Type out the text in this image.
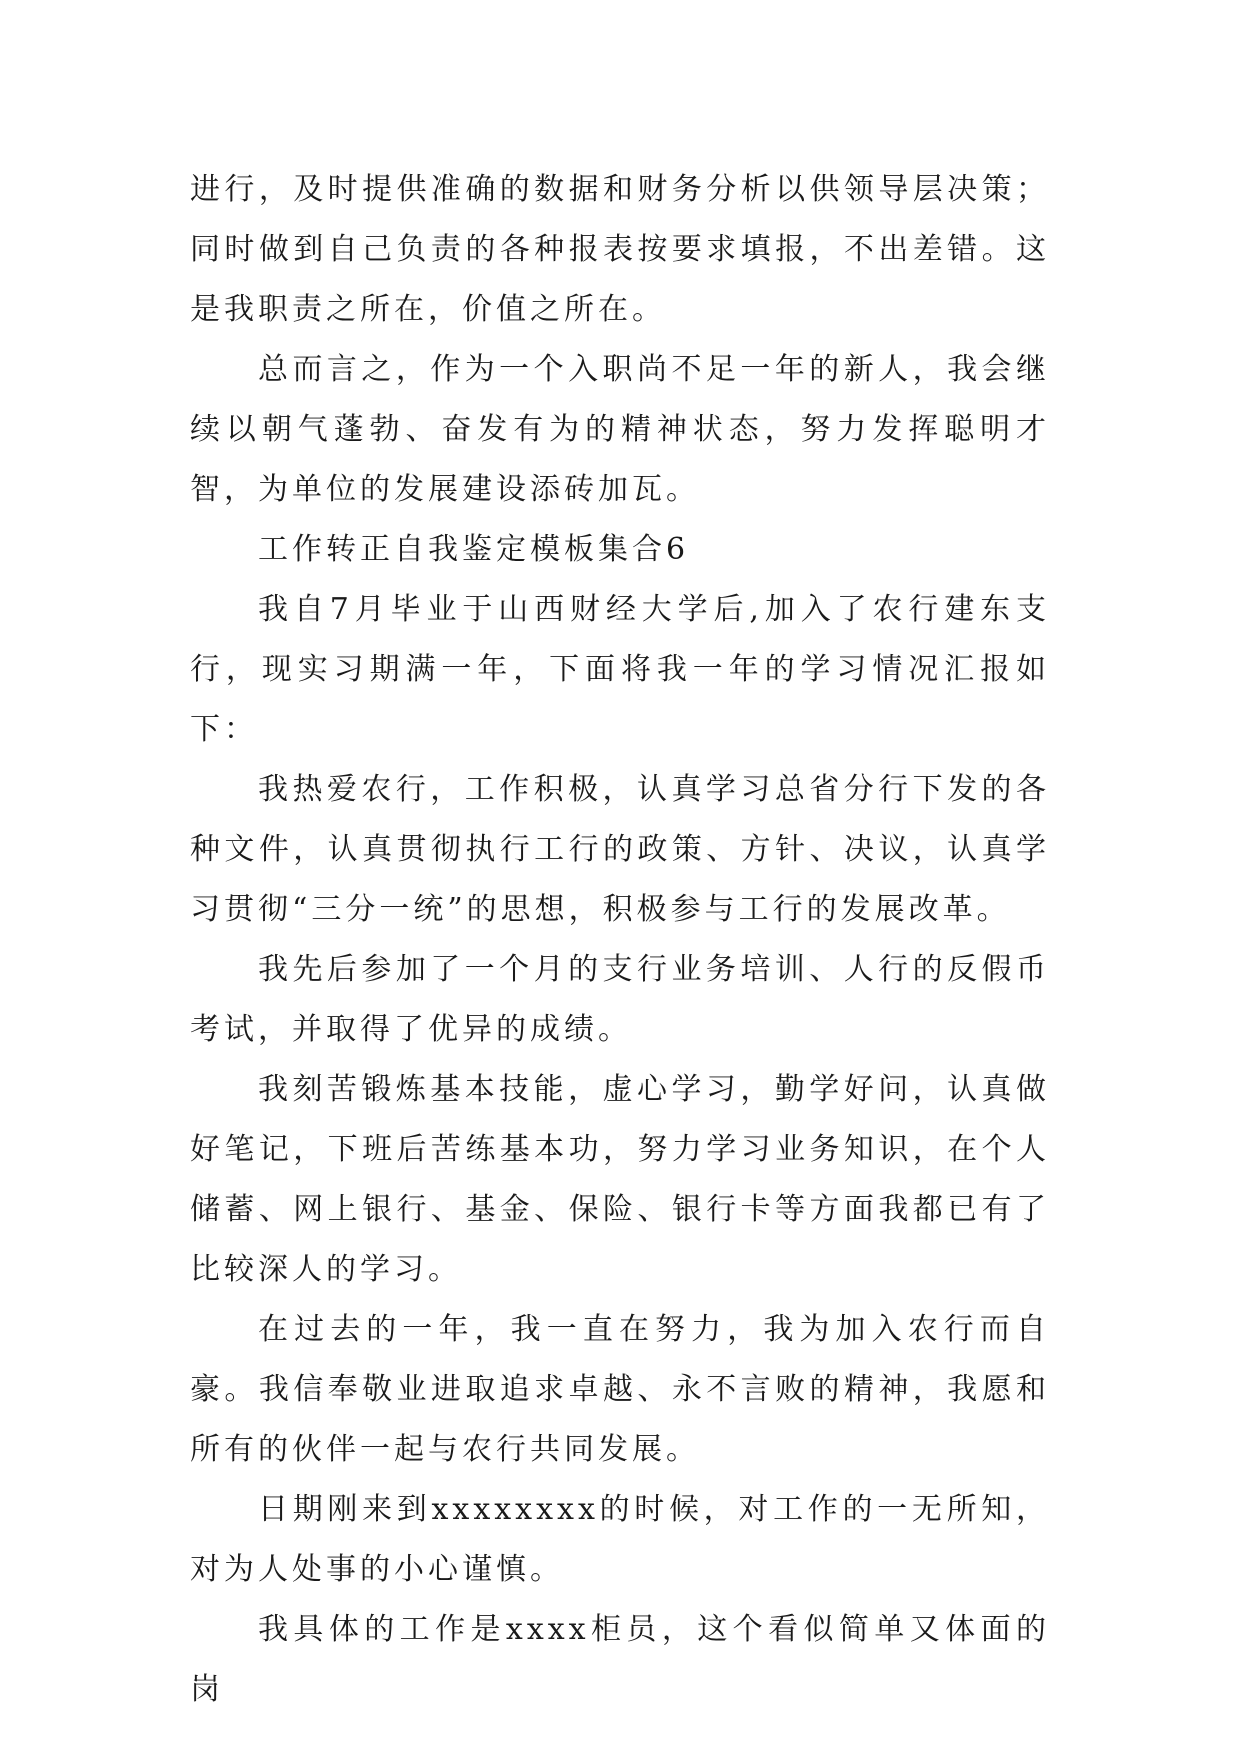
进行，及时提供准确的数据和财务分析以供领导层决策；同时做到自己负责的各种报表按要求填报，不出差错。这是我职责之所在，价值之所在。

总而言之，作为一个入职尚不足一年的新人，我会继续以朝气蓬勃、奋发有为的精神状态，努力发挥聪明才智，为单位的发展建设添砖加瓦。

工作转正自我鉴定模板集合6

我自7月毕业于山西财经大学后,加入了农行建东支行，现实习期满一年，下面将我一年的学习情况汇报如下：

我热爱农行，工作积极，认真学习总省分行下发的各种文件，认真贯彻执行工行的政策、方针、决议，认真学习贯彻“三分一统”的思想，积极参与工行的发展改革。

我先后参加了一个月的支行业务培训、人行的反假币考试，并取得了优异的成绩。

我刻苦锻炼基本技能，虚心学习，勤学好问，认真做好笔记，下班后苦练基本功，努力学习业务知识，在个人储蓄、网上银行、基金、保险、银行卡等方面我都已有了比较深人的学习。

在过去的一年，我一直在努力，我为加入农行而自豪。我信奉敬业进取追求卓越、永不言败的精神，我愿和所有的伙伴一起与农行共同发展。

日期刚来到xxxxxxxx的时候，对工作的一无所知，对为人处事的小心谨慎。

我具体的工作是xxxx柜员，这个看似简单又体面的岗
